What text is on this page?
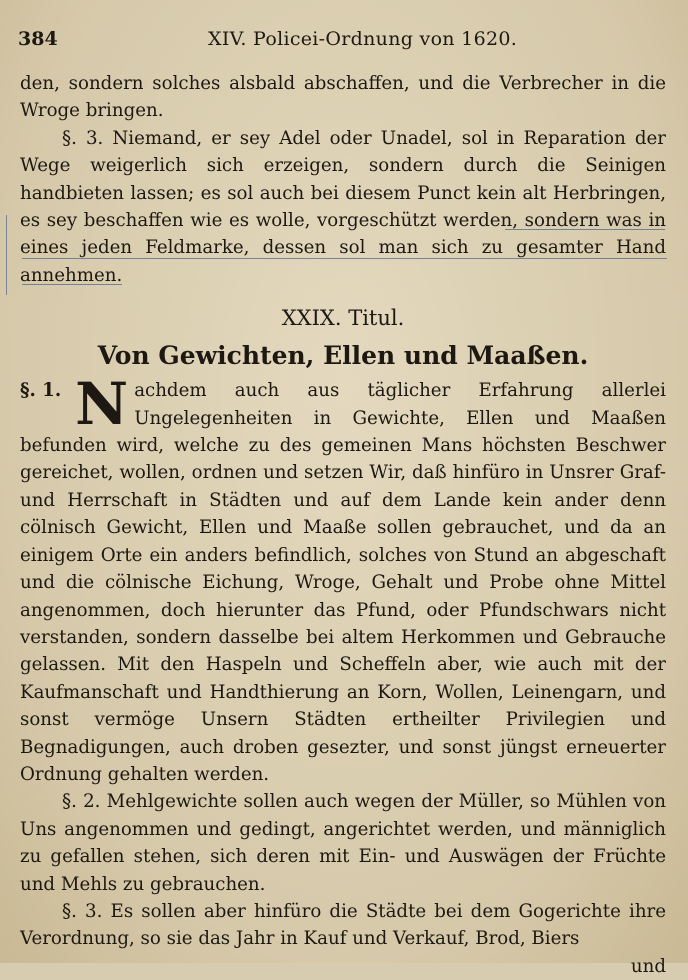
384	XIV. Policei-Ordnung von 1620.

den, sondern solches alsbald abschaffen, und die Verbrecher in die Wroge bringen.

§. 3. Niemand, er sey Adel oder Unadel, sol in Reparation der Wege weigerlich sich erzeigen, sondern durch die Seinigen handbieten lassen; es sol auch bei diesem Punct kein alt Herbringen, es sey beschaffen wie es wolle, vorgeschützt werden, sondern was in eines jeden Feldmarke, dessen sol man sich zu gesamter Hand annehmen.

XXIX. Titul.
Von Gewichten, Ellen und Maaßen.

§. 1. N achdem auch aus täglicher Erfahrung allerlei Ungelegenheiten in Gewichte, Ellen und Maaßen befunden wird, welche zu des gemeinen Mans höchsten Beschwer gereichet, wollen, ordnen und setzen Wir, daß hinfüro in Unsrer Graf- und Herrschaft in Städten und auf dem Lande kein ander denn cölnisch Gewicht, Ellen und Maaße sollen gebrauchet, und da an einigem Orte ein anders befindlich, solches von Stund an abgeschaft und die cölnische Eichung, Wroge, Gehalt und Probe ohne Mittel angenommen, doch hierunter das Pfund, oder Pfundschwars nicht verstanden, sondern dasselbe bei altem Herkommen und Gebrauche gelassen. Mit den Haspeln und Scheffeln aber, wie auch mit der Kaufmanschaft und Handthierung an Korn, Wollen, Leinengarn, und sonst vermöge Unsern Städten ertheilter Privilegien und Begnadigungen, auch droben gesezter, und sonst jüngst erneuerter Ordnung gehalten werden.

§. 2. Mehlgewichte sollen auch wegen der Müller, so Mühlen von Uns angenommen und gedingt, angerichtet werden, und männiglich zu gefallen stehen, sich deren mit Ein- und Auswägen der Früchte und Mehls zu gebrauchen.

§. 3. Es sollen aber hinfüro die Städte bei dem Gogerichte ihre Verordnung, so sie das Jahr in Kauf und Verkauf, Brod, Biers

und
